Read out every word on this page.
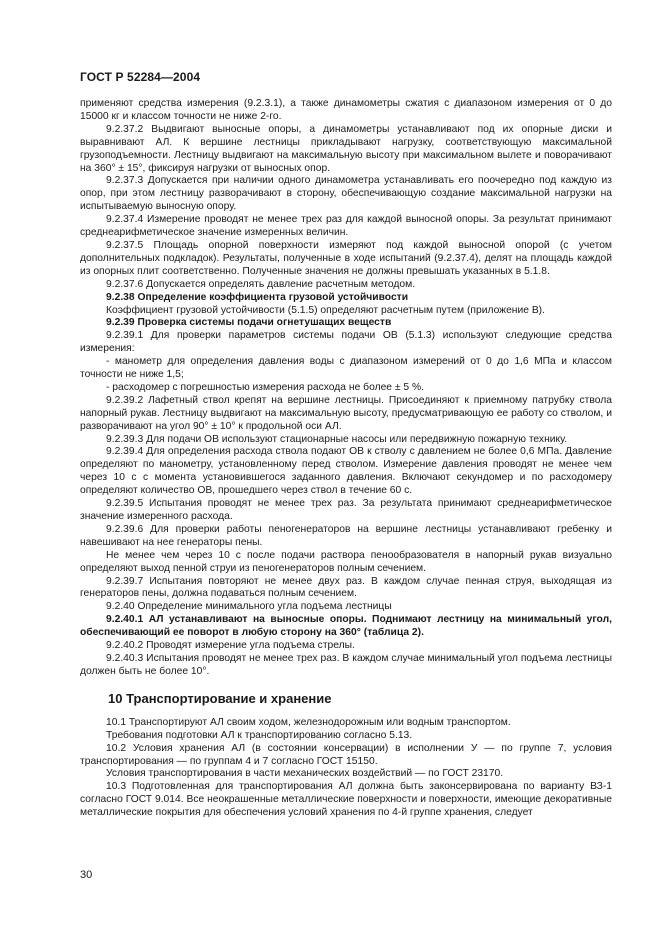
ГОСТ Р 52284—2004

применяют средства измерения (9.2.3.1), а также динамометры сжатия с диапазоном измерения от 0 до 15000 кг и классом точности не ниже 2-го.

9.2.37.2 Выдвигают выносные опоры, а динамометры устанавливают под их опорные диски и выравнивают АЛ. К вершине лестницы прикладывают нагрузку, соответствующую максимальной грузоподъемности. Лестницу выдвигают на максимальную высоту при максимальном вылете и поворачивают на 360° ± 15°, фиксируя нагрузки от выносных опор.

9.2.37.3 Допускается при наличии одного динамометра устанавливать его поочередно под каждую из опор, при этом лестницу разворачивают в сторону, обеспечивающую создание максимальной нагрузки на испытываемую выносную опору.

9.2.37.4 Измерение проводят не менее трех раз для каждой выносной опоры. За результат принимают среднеарифметическое значение измеренных величин.

9.2.37.5 Площадь опорной поверхности измеряют под каждой выносной опорой (с учетом дополнительных подкладок). Результаты, полученные в ходе испытаний (9.2.37.4), делят на площадь каждой из опорных плит соответственно. Полученные значения не должны превышать указанных в 5.1.8.

9.2.37.6 Допускается определять давление расчетным методом.

9.2.38 Определение коэффициента грузовой устойчивости

Коэффициент грузовой устойчивости (5.1.5) определяют расчетным путем (приложение В).

9.2.39 Проверка системы подачи огнетушащих веществ

9.2.39.1 Для проверки параметров системы подачи ОВ (5.1.3) используют следующие средства измерения:

- манометр для определения давления воды с диапазоном измерений от 0 до 1,6 МПа и классом точности не ниже 1,5;

- расходомер с погрешностью измерения расхода не более ± 5 %.

9.2.39.2 Лафетный ствол крепят на вершине лестницы. Присоединяют к приемному патрубку ствола напорный рукав. Лестницу выдвигают на максимальную высоту, предусматривающую ее работу со стволом, и разворачивают на угол 90° ± 10° к продольной оси АЛ.

9.2.39.3 Для подачи ОВ используют стационарные насосы или передвижную пожарную технику.

9.2.39.4 Для определения расхода ствола подают ОВ к стволу с давлением не более 0,6 МПа. Давление определяют по манометру, установленному перед стволом. Измерение давления проводят не менее чем через 10 с с момента установившегося заданного давления. Включают секундомер и по расходомеру определяют количество ОВ, прошедшего через ствол в течение 60 с.

9.2.39.5 Испытания проводят не менее трех раз. За результата принимают среднеарифметическое значение измеренного расхода.

9.2.39.6 Для проверки работы пеногенераторов на вершине лестницы устанавливают гребенку и навешивают на нее генераторы пены.

Не менее чем через 10 с после подачи раствора пенообразователя в напорный рукав визуально определяют выход пенной струи из пеногенераторов полным сечением.

9.2.39.7 Испытания повторяют не менее двух раз. В каждом случае пенная струя, выходящая из генераторов пены, должна подаваться полным сечением.

9.2.40 Определение минимального угла подъема лестницы

9.2.40.1 АЛ устанавливают на выносные опоры. Поднимают лестницу на минимальный угол, обеспечивающий ее поворот в любую сторону на 360° (таблица 2).

9.2.40.2 Проводят измерение угла подъема стрелы.

9.2.40.3 Испытания проводят не менее трех раз. В каждом случае минимальный угол подъема лестницы должен быть не более 10°.

10 Транспортирование и хранение

10.1 Транспортируют АЛ своим ходом, железнодорожным или водным транспортом.

Требования подготовки АЛ к транспортированию согласно 5.13.

10.2 Условия хранения АЛ (в состоянии консервации) в исполнении У — по группе 7, условия транспортирования — по группам 4 и 7 согласно ГОСТ 15150.

Условия транспортирования в части механических воздействий — по ГОСТ 23170.

10.3 Подготовленная для транспортирования АЛ должна быть законсервирована по варианту ВЗ-1 согласно ГОСТ 9.014. Все неокрашенные металлические поверхности и поверхности, имеющие декоративные металлические покрытия для обеспечения условий хранения по 4-й группе хранения, следует

30
